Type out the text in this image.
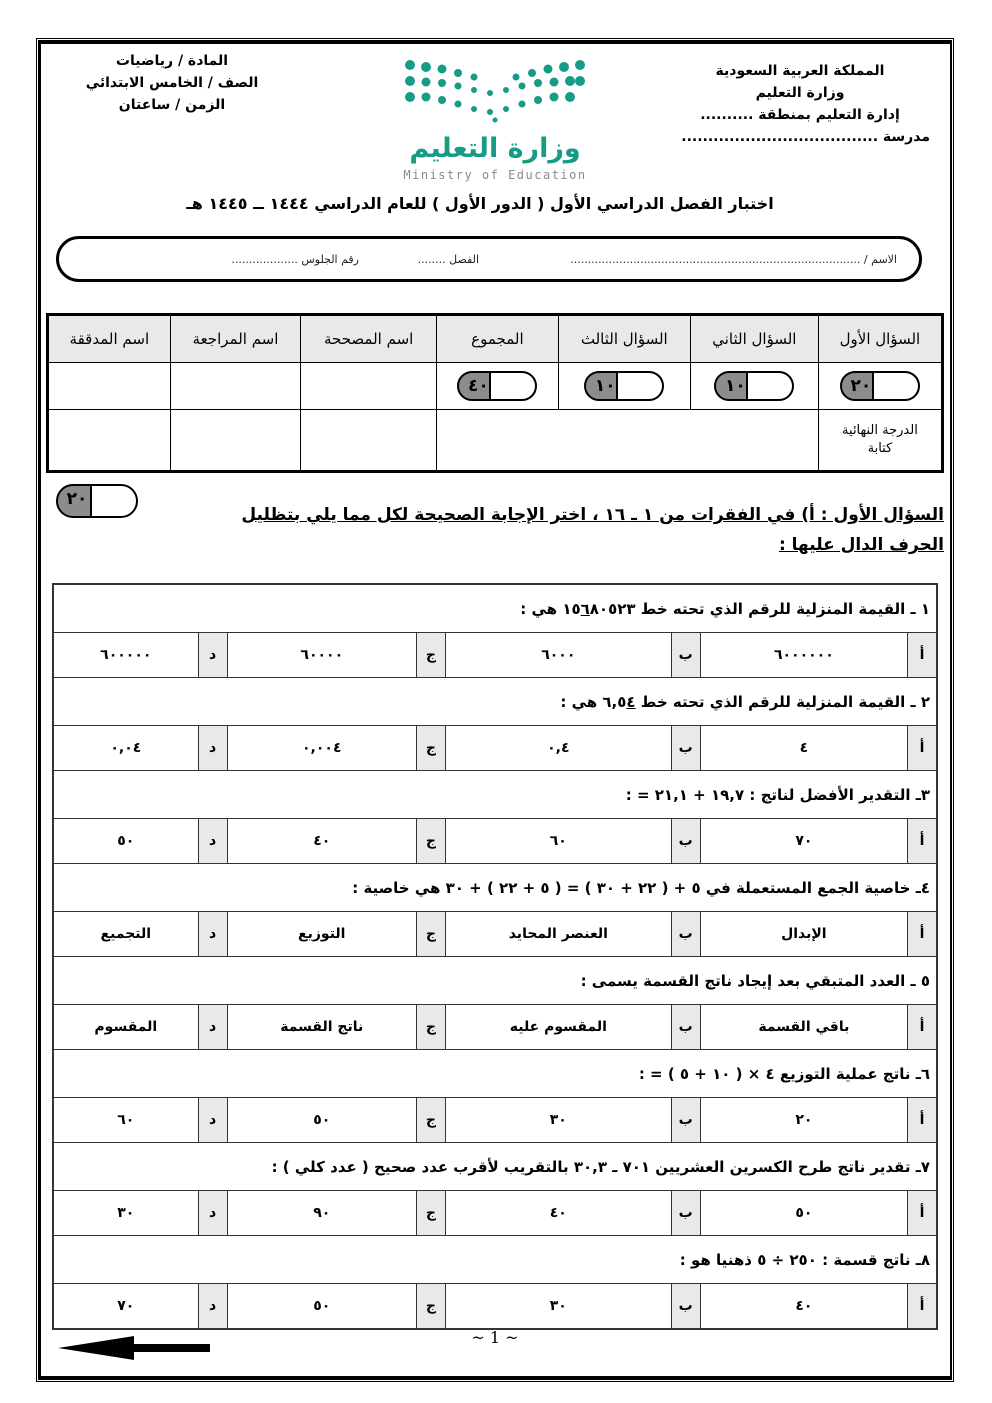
المملكة العربية السعودية
وزارة التعليم
إدارة التعليم بمنطقة ..........
مدرسة .....................................
المادة / رياضيات
الصف / الخامس الابتدائي
الزمن / ساعتان
وزارة التعليم
Ministry of Education
اختبار الفصل الدراسي الأول ( الدور الأول ) للعام الدراسي ١٤٤٤ ــ ١٤٤٥ هـ
الاسم / ...................................................................................
الفصل ........
رقم الجلوس ...................
السؤال الأول	السؤال الثاني	السؤال الثالث	المجموع	اسم المصححة	اسم المراجعة	اسم المدققة

٢٠	١٠	١٠	٤٠			

الدرجة النهائية
كتابة						

٢٠
السؤال الأول : أ) في الفقرات من ١ ـ ١٦ ، اختر الإجابة الصحيحة لكل مما يلي بتظليل الحرف الدال عليها :
١ ـ القيمة المنزلية للرقم الذي تحته خط ١٥٦٨٠٥٢٣ هي :							
أ	٦٠٠٠٠٠٠	ب	٦٠٠٠	ج	٦٠٠٠٠	د	٦٠٠٠٠٠
٢ ـ القيمة المنزلية للرقم الذي تحته خط ٦,٥٤ هي :							
أ	٤	ب	٠,٤	ج	٠,٠٠٤	د	٠,٠٤
٣ـ التقدير الأفضل لناتج : ١٩,٧ + ٢١,١ = :							
أ	٧٠	ب	٦٠	ج	٤٠	د	٥٠
٤ـ خاصية الجمع المستعملة في ٥ + ( ٢٢ + ٣٠ ) = ( ٥ + ٢٢ ) + ٣٠ هي خاصية :							
أ	الإبدال	ب	العنصر المحايد	ج	التوزيع	د	التجميع
٥ ـ العدد المتبقي بعد إيجاد ناتج القسمة يسمى :							
أ	باقي القسمة	ب	المقسوم عليه	ج	ناتج القسمة	د	المقسوم
٦ـ ناتج عملية التوزيع ٤ × ( ١٠ + ٥ ) = :							
أ	٢٠	ب	٣٠	ج	٥٠	د	٦٠
٧ـ تقدير ناتج طرح الكسرين العشريين ٧٠١ ـ ٣٠,٣ بالتقريب لأقرب عدد صحيح ( عدد كلي ) :							
أ	٥٠	ب	٤٠	ج	٩٠	د	٣٠
٨ـ ناتج قسمة : ٢٥٠ ÷ ٥ ذهنيا هو :							
أ	٤٠	ب	٣٠	ج	٥٠	د	٧٠
~ 1 ~
